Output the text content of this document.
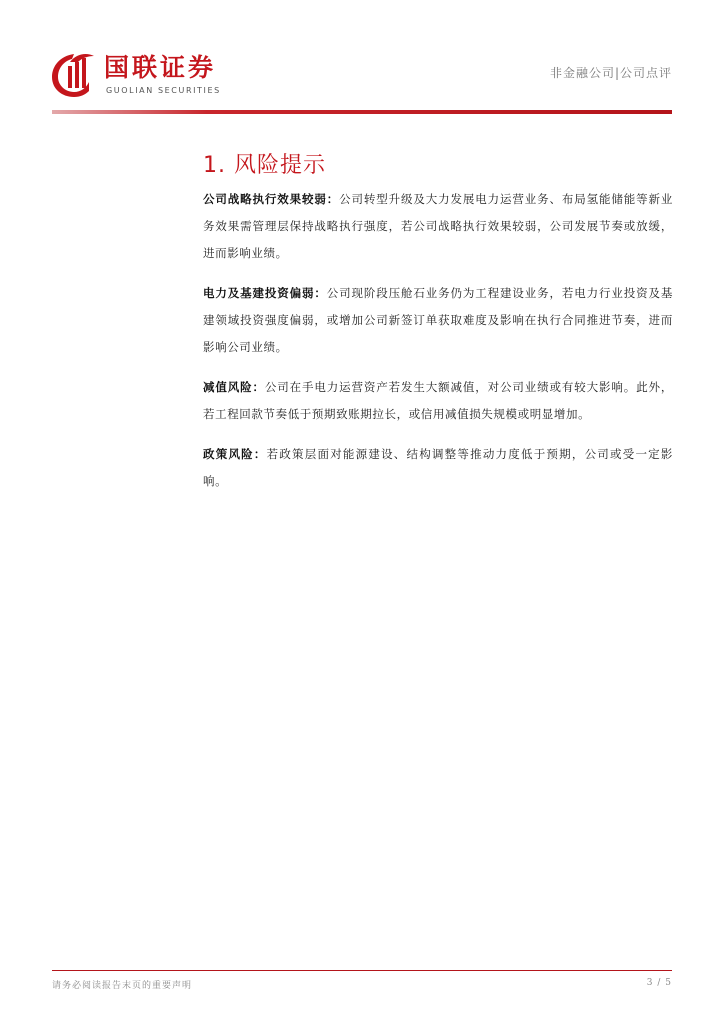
国联证券
GUOLIAN SECURITIES
非金融公司|公司点评
1. 风险提示

公司战略执行效果较弱：公司转型升级及大力发展电力运营业务、布局氢能储能等新业务效果需管理层保持战略执行强度，若公司战略执行效果较弱，公司发展节奏或放缓，进而影响业绩。

电力及基建投资偏弱：公司现阶段压舱石业务仍为工程建设业务，若电力行业投资及基建领域投资强度偏弱，或增加公司新签订单获取难度及影响在执行合同推进节奏，进而影响公司业绩。

减值风险：公司在手电力运营资产若发生大额减值，对公司业绩或有较大影响。此外，若工程回款节奏低于预期致账期拉长，或信用减值损失规模或明显增加。

政策风险：若政策层面对能源建设、结构调整等推动力度低于预期，公司或受一定影响。

请务必阅读报告末页的重要声明	3 / 5
